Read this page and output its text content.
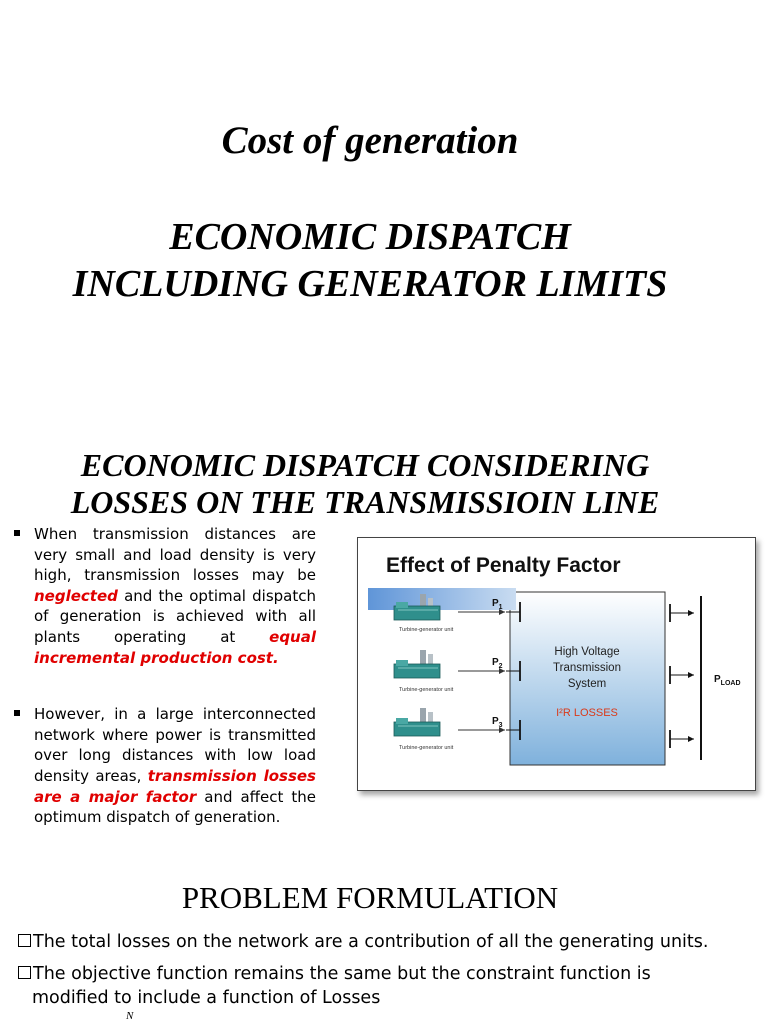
Cost of generation
ECONOMIC DISPATCH
INCLUDING GENERATOR LIMITS
ECONOMIC DISPATCH CONSIDERING
LOSSES ON THE TRANSMISSIOIN LINE
When transmission distances are very small and load density is very high, transmission losses may be neglected and the optimal dispatch of generation is achieved with all plants operating at equal incremental production cost.
However, in a large interconnected network where power is transmitted over long distances with low load density areas, transmission losses are a major factor and affect the optimum dispatch of generation.
Effect of Penalty Factor
High Voltage
Transmission
System
I²R LOSSES
Turbine-generator unit
$P_1$
Turbine-generator unit
$P_2$
Turbine-generator unit
$P_3$
$P_{LOAD}$
PROBLEM FORMULATION
The total losses on the network are a contribution of all the generating units.
The objective function remains the same but the constraint function is
modified to include a function of Losses
N
